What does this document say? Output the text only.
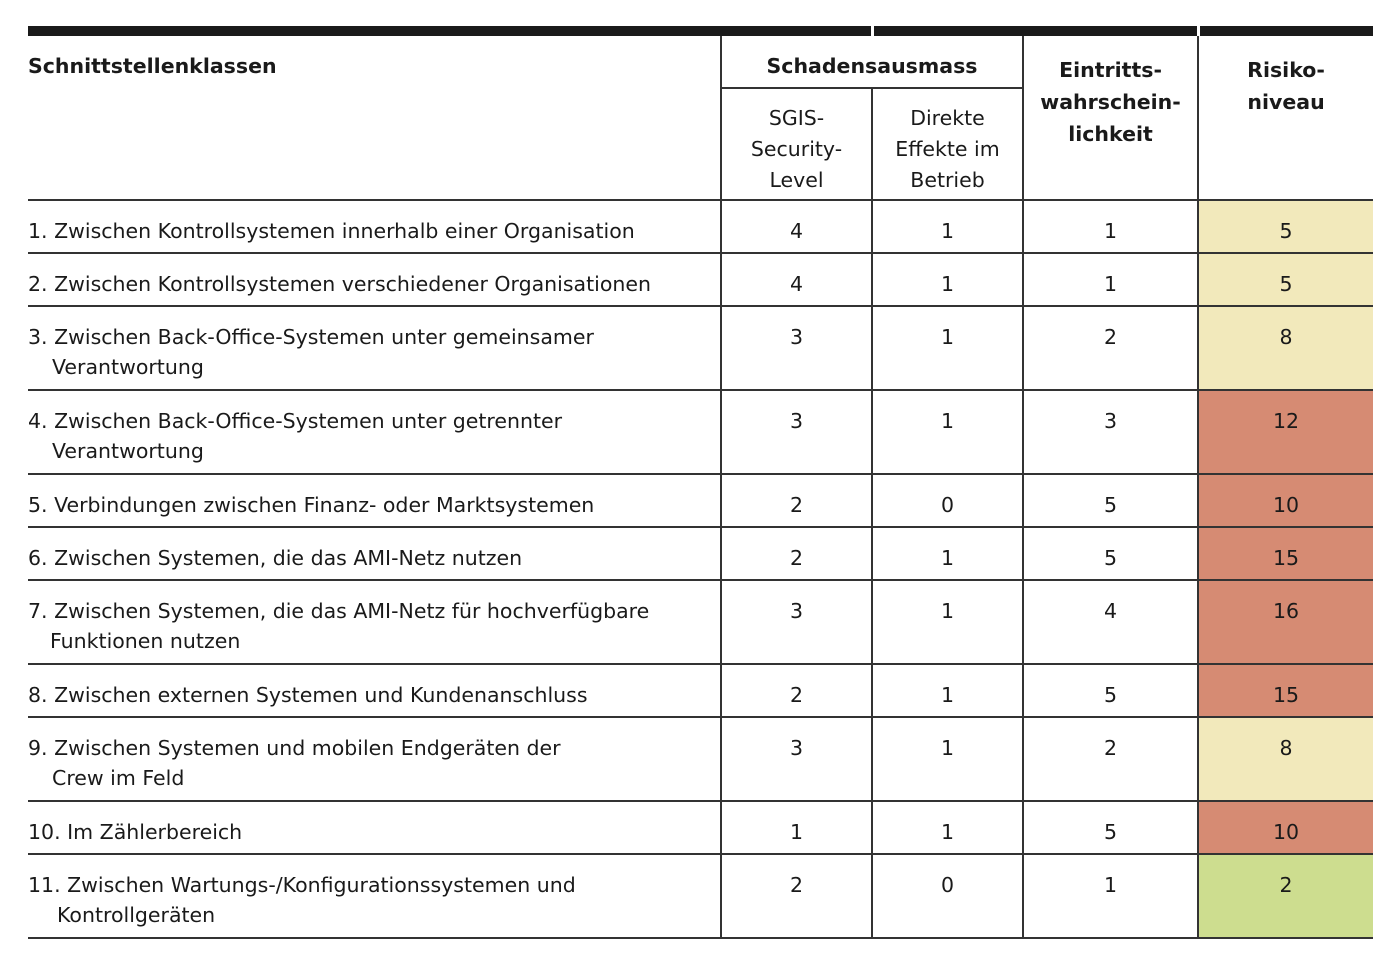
Schnittstellenklassen	Schadensausmass		Eintritts-
wahrschein-
lichkeit	Risiko-
niveau

	SGIS-
Security-
Level	Direkte
Effekte im
Betrieb		

1. Zwischen Kontrollsystemen innerhalb einer Organisation	4	1	1	5

2. Zwischen Kontrollsystemen verschiedener Organisationen	4	1	1	5

3. Zwischen Back-Office-Systemen unter gemeinsamer
Verantwortung	3	1	2	8

4. Zwischen Back-Office-Systemen unter getrennter
Verantwortung	3	1	3	12

5. Verbindungen zwischen Finanz- oder Marktsystemen	2	0	5	10

6. Zwischen Systemen, die das AMI-Netz nutzen	2	1	5	15

7. Zwischen Systemen, die das AMI-Netz für hochverfügbare
Funktionen nutzen	3	1	4	16

8. Zwischen externen Systemen und Kundenanschluss	2	1	5	15

9. Zwischen Systemen und mobilen Endgeräten der
Crew im Feld	3	1	2	8

10. Im Zählerbereich	1	1	5	10

11. Zwischen Wartungs-/Konfigurationssystemen und
Kontrollgeräten	2	0	1	2
